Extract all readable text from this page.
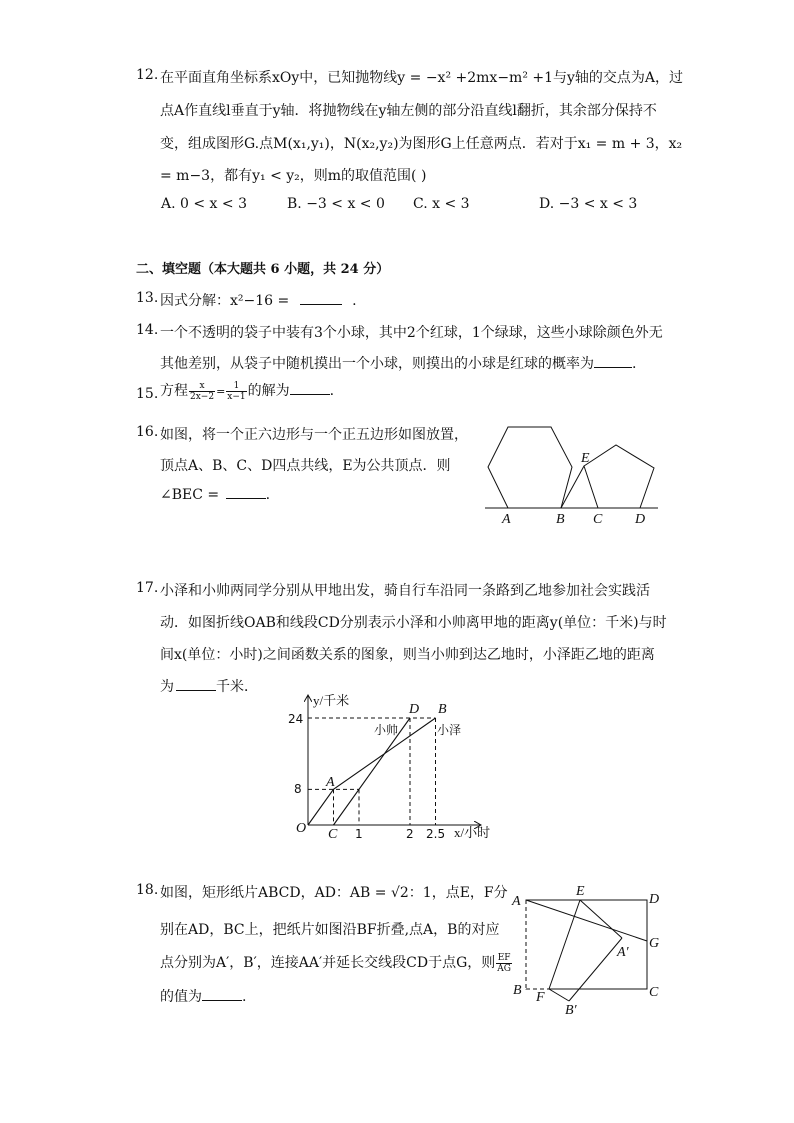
12. 在平面直角坐标系xOy中，已知抛物线y = −x² +2mx−m² +1与y轴的交点为A，过
点A作直线l垂直于y轴．将抛物线在y轴左侧的部分沿直线l翻折，其余部分保持不
变，组成图形G.点M(x₁,y₁)，N(x₂,y₂)为图形G上任意两点．若对于x₁ = m + 3，x₂
= m−3，都有y₁ < y₂，则m的取值范围( )
A. 0 < x < 3	B. −3 < x < 0 C. x < 3	D. −3 < x < 3
二、填空题（本大题共 6 小题，共 24 分）
13. 因式分解：x²−16 =	.
14. 一个不透明的袋子中装有3个小球，其中2个红球，1个绿球，这些小球除颜色外无
其他差别，从袋子中随机摸出一个小球，则摸出的小球是红球的概率为	.
15. 方程 $\frac{x}{2x-2} = \frac{1}{x-1}$ 的解为	.
16. 如图，将一个正六边形与一个正五边形如图放置，
顶点A、B、C、D四点共线，E为公共顶点．则
∠BEC =	.
E
A	B C D
17. 小泽和小帅两同学分别从甲地出发，骑自行车沿同一条路到乙地参加社会实践活
动．如图折线OAB和线段CD分别表示小泽和小帅离甲地的距离y(单位：千米)与时
间x(单位：小时)之间函数关系的图象，则当小帅到达乙地时，小泽距乙地的距离
为	千米．
y/千米
x/小时
O
24
8
1	2 2.5
A
B
C
D
小帅	小泽
18. 如图，矩形纸片ABCD，AD：AB = √2：1，点E，F分
别在AD，BC上，把纸片如图沿BF折叠,点A，B的对应
点分别为A′，B′，连接AA′并延长交线段CD于点G，则 $\frac{EF}{AG}$
的值为	.
A
E
D
G
A′
B F	C
B′
